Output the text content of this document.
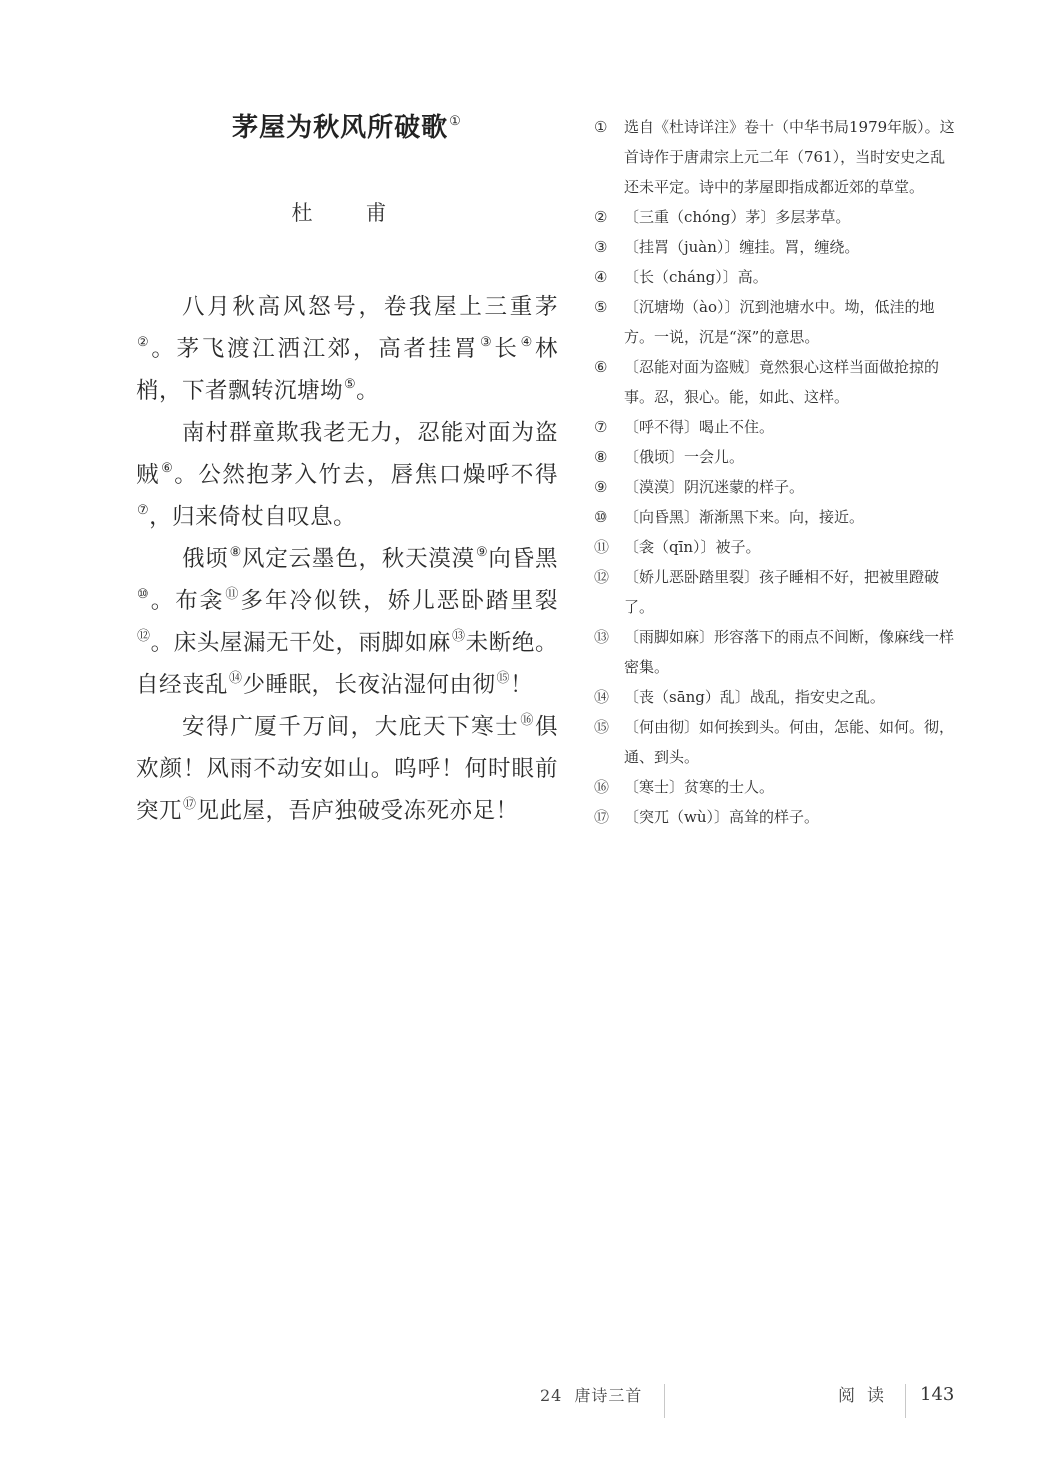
茅屋为秋风所破歌①
杜　甫

八月秋高风怒号，卷我屋上三重茅②。茅飞渡江洒江郊，高者挂罥③长④林梢，下者飘转沉塘坳⑤。

南村群童欺我老无力，忍能对面为盗贼⑥。公然抱茅入竹去，唇焦口燥呼不得⑦，归来倚杖自叹息。

俄顷⑧风定云墨色，秋天漠漠⑨向昏黑⑩。布衾⑪多年冷似铁，娇儿恶卧踏里裂⑫。床头屋漏无干处，雨脚如麻⑬未断绝。自经丧乱⑭少睡眠，长夜沾湿何由彻⑮！

安得广厦千万间，大庇天下寒士⑯俱欢颜！风雨不动安如山。呜呼！何时眼前突兀⑰见此屋，吾庐独破受冻死亦足！

①	选自《杜诗详注》卷十（中华书局1979年版）。这首诗作于唐肃宗上元二年（761），当时安史之乱还未平定。诗中的茅屋即指成都近郊的草堂。
②	〔三重（chóng）茅〕多层茅草。
③	〔挂罥（juàn）〕缠挂。罥，缠绕。
④	〔长（cháng）〕高。
⑤	〔沉塘坳（ào）〕沉到池塘水中。坳，低洼的地方。一说，沉是“深”的意思。
⑥	〔忍能对面为盗贼〕竟然狠心这样当面做抢掠的事。忍，狠心。能，如此、这样。
⑦	〔呼不得〕喝止不住。
⑧	〔俄顷〕一会儿。
⑨	〔漠漠〕阴沉迷蒙的样子。
⑩	〔向昏黑〕渐渐黑下来。向，接近。
⑪ 〔衾（qīn）〕被子。
⑫ 〔娇儿恶卧踏里裂〕孩子睡相不好，把被里蹬破了。
⑬ 〔雨脚如麻〕形容落下的雨点不间断，像麻线一样密集。
⑭ 〔丧（sāng）乱〕战乱，指安史之乱。
⑮ 〔何由彻〕如何挨到头。何由，怎能、如何。彻，通、到头。
⑯ 〔寒士〕贫寒的士人。
⑰ 〔突兀（wù）〕高耸的样子。
24 唐诗三首	阅读 143
